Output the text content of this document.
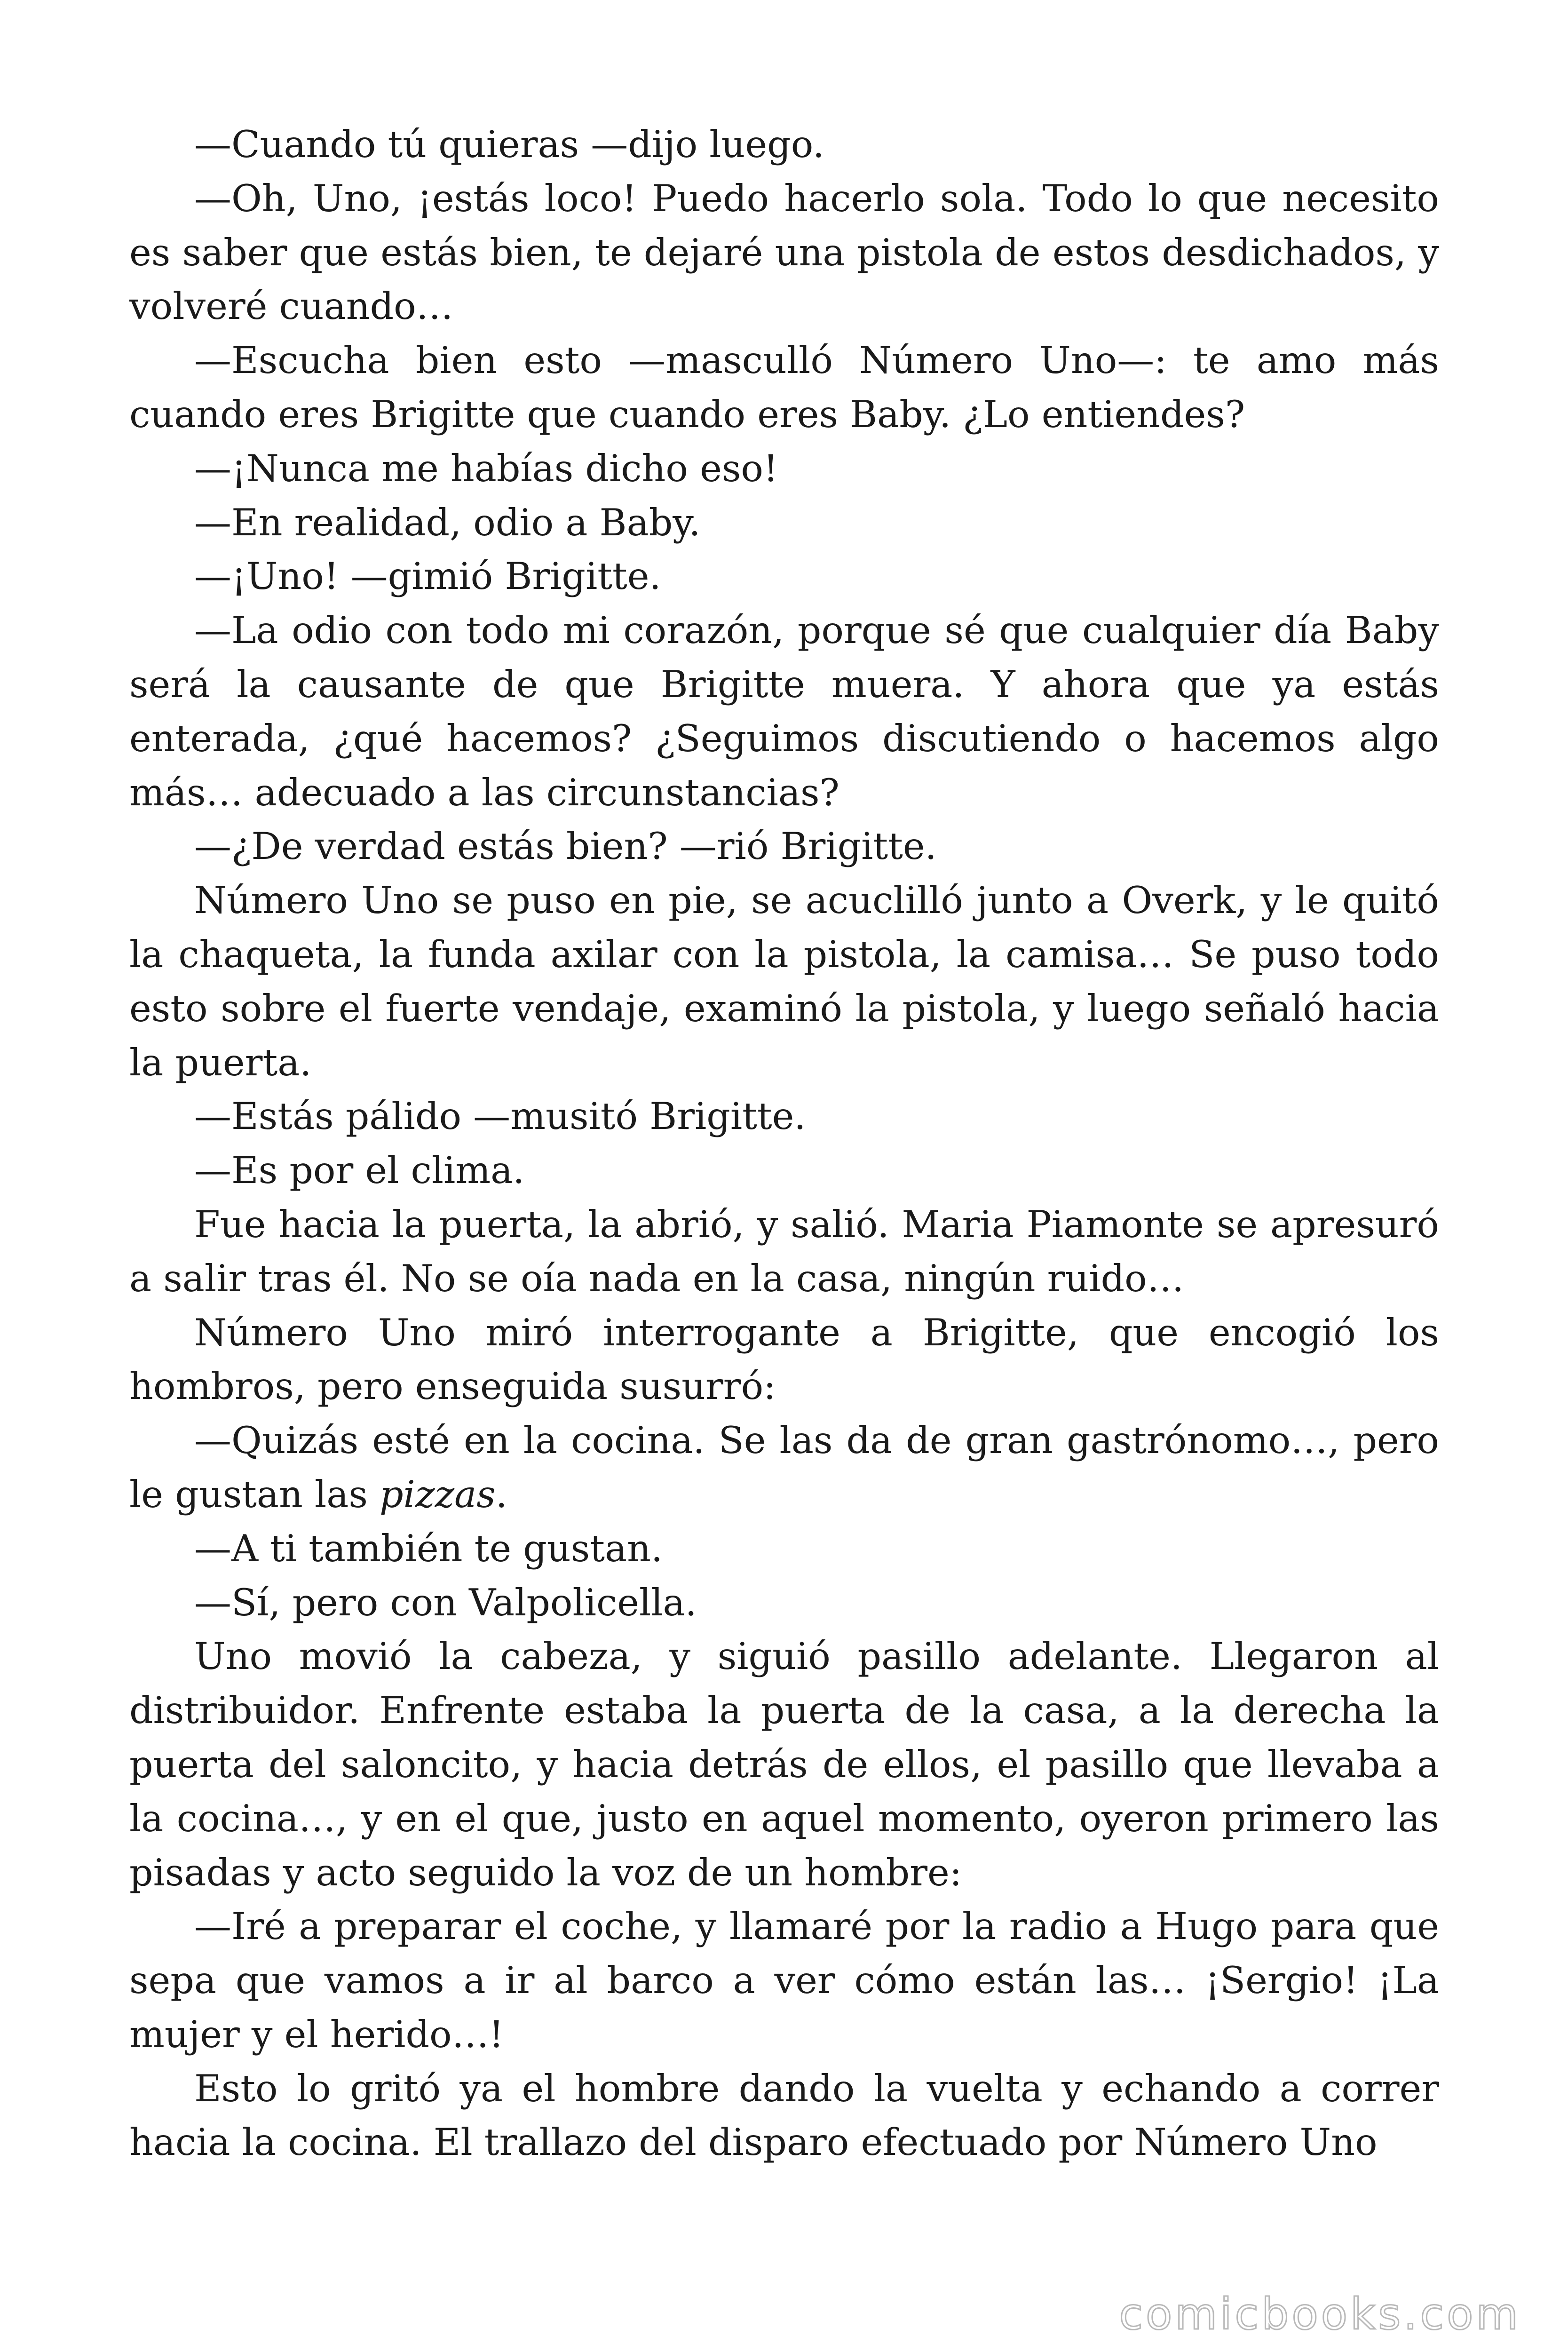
—Cuando tú quieras —dijo luego.

—Oh, Uno, ¡estás loco! Puedo hacerlo sola. Todo lo que necesito es saber que estás bien, te dejaré una pistola de estos desdichados, y volveré cuando…

—Escucha bien esto —masculló Número Uno—: te amo más cuando eres Brigitte que cuando eres Baby. ¿Lo entiendes?

—¡Nunca me habías dicho eso!

—En realidad, odio a Baby.

—¡Uno! —gimió Brigitte.

—La odio con todo mi corazón, porque sé que cualquier día Baby será la causante de que Brigitte muera. Y ahora que ya estás enterada, ¿qué hacemos? ¿Seguimos discutiendo o hacemos algo más… adecuado a las circunstancias?

—¿De verdad estás bien? —rió Brigitte.

Número Uno se puso en pie, se acuclilló junto a Overk, y le quitó la chaqueta, la funda axilar con la pistola, la camisa… Se puso todo esto sobre el fuerte vendaje, examinó la pistola, y luego señaló hacia la puerta.

—Estás pálido —musitó Brigitte.

—Es por el clima.

Fue hacia la puerta, la abrió, y salió. Maria Piamonte se apresuró a salir tras él. No se oía nada en la casa, ningún ruido…

Número Uno miró interrogante a Brigitte, que encogió los hombros, pero enseguida susurró:

—Quizás esté en la cocina. Se las da de gran gastrónomo…, pero le gustan las pizzas.

—A ti también te gustan.

—Sí, pero con Valpolicella.

Uno movió la cabeza, y siguió pasillo adelante. Llegaron al distribuidor. Enfrente estaba la puerta de la casa, a la derecha la puerta del saloncito, y hacia detrás de ellos, el pasillo que llevaba a la cocina…, y en el que, justo en aquel momento, oyeron primero las pisadas y acto seguido la voz de un hombre:

—Iré a preparar el coche, y llamaré por la radio a Hugo para que sepa que vamos a ir al barco a ver cómo están las… ¡Sergio! ¡La mujer y el herido…!

Esto lo gritó ya el hombre dando la vuelta y echando a correr hacia la cocina. El trallazo del disparo efectuado por Número Uno

comicbooks.com
